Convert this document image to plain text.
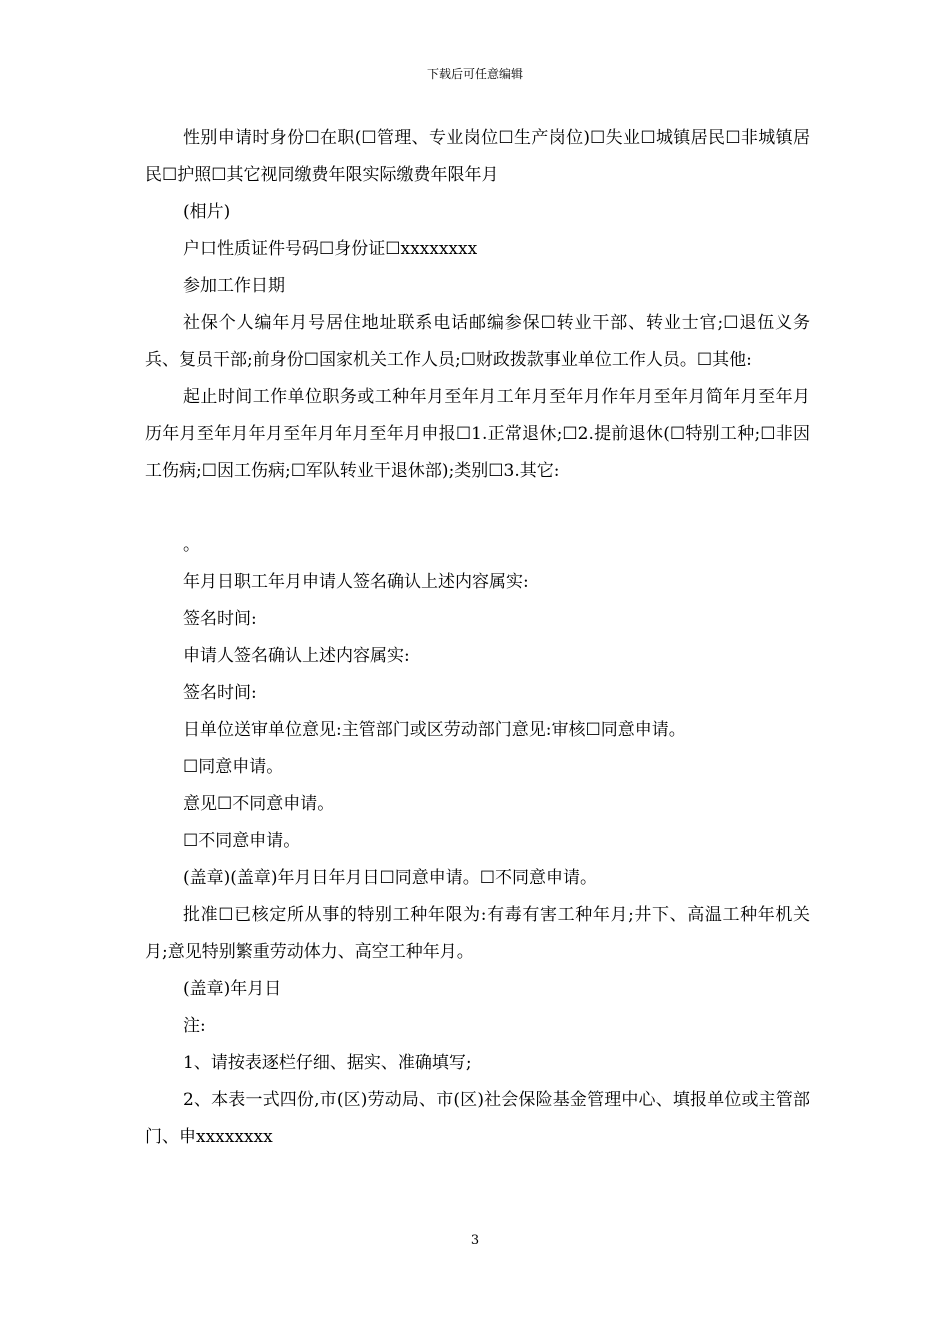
下载后可任意编辑

性别申请时身份☐在职(☐管理、专业岗位☐生产岗位)☐失业☐城镇居民☐非城镇居民☐护照☐其它视同缴费年限实际缴费年限年月

(相片)

户口性质证件号码☐身份证☐xxxxxxxx

参加工作日期

社保个人编年月号居住地址联系电话邮编参保☐转业干部、转业士官;☐退伍义务兵、复员干部;前身份☐国家机关工作人员;☐财政拨款事业单位工作人员。☐其他:

起止时间工作单位职务或工种年月至年月工年月至年月作年月至年月简年月至年月历年月至年月年月至年月年月至年月申报☐1.正常退休;☐2.提前退休(☐特别工种;☐非因工伤病;☐因工伤病;☐军队转业干退休部);类别☐3.其它:

。

年月日职工年月申请人签名确认上述内容属实:

签名时间:

申请人签名确认上述内容属实:

签名时间:

日单位送审单位意见:主管部门或区劳动部门意见:审核☐同意申请。

☐同意申请。

意见☐不同意申请。

☐不同意申请。

(盖章)(盖章)年月日年月日☐同意申请。☐不同意申请。

批准☐已核定所从事的特别工种年限为:有毒有害工种年月;井下、高温工种年机关月;意见特别繁重劳动体力、高空工种年月。

(盖章)年月日

注:

1、请按表逐栏仔细、据实、准确填写;

2、本表一式四份,市(区)劳动局、市(区)社会保险基金管理中心、填报单位或主管部门、申xxxxxxxx

3
